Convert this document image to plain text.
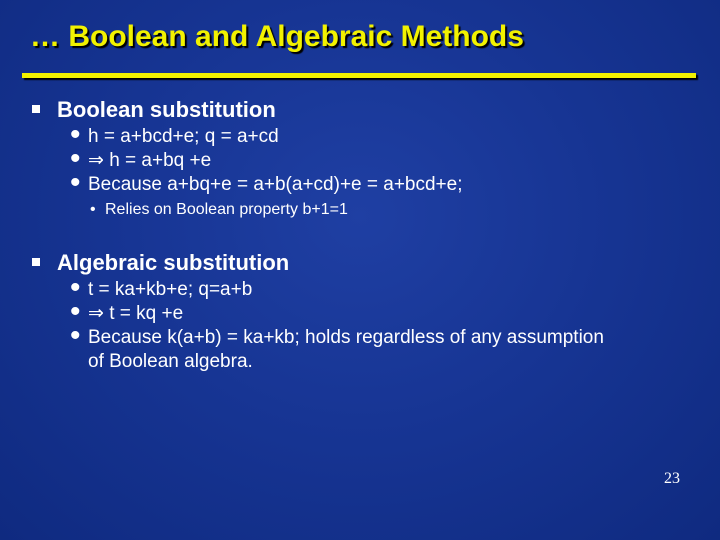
… Boolean and Algebraic Methods
Boolean substitution
• h = a+bcd+e; q = a+cd
• ⇒ h = a+bq +e
• Because a+bq+e = a+b(a+cd)+e = a+bcd+e;
• Relies on Boolean property b+1=1
Algebraic substitution
• t = ka+kb+e; q=a+b
• ⇒ t = kq +e
• Because k(a+b) = ka+kb; holds regardless of any assumption
of Boolean algebra.
23
